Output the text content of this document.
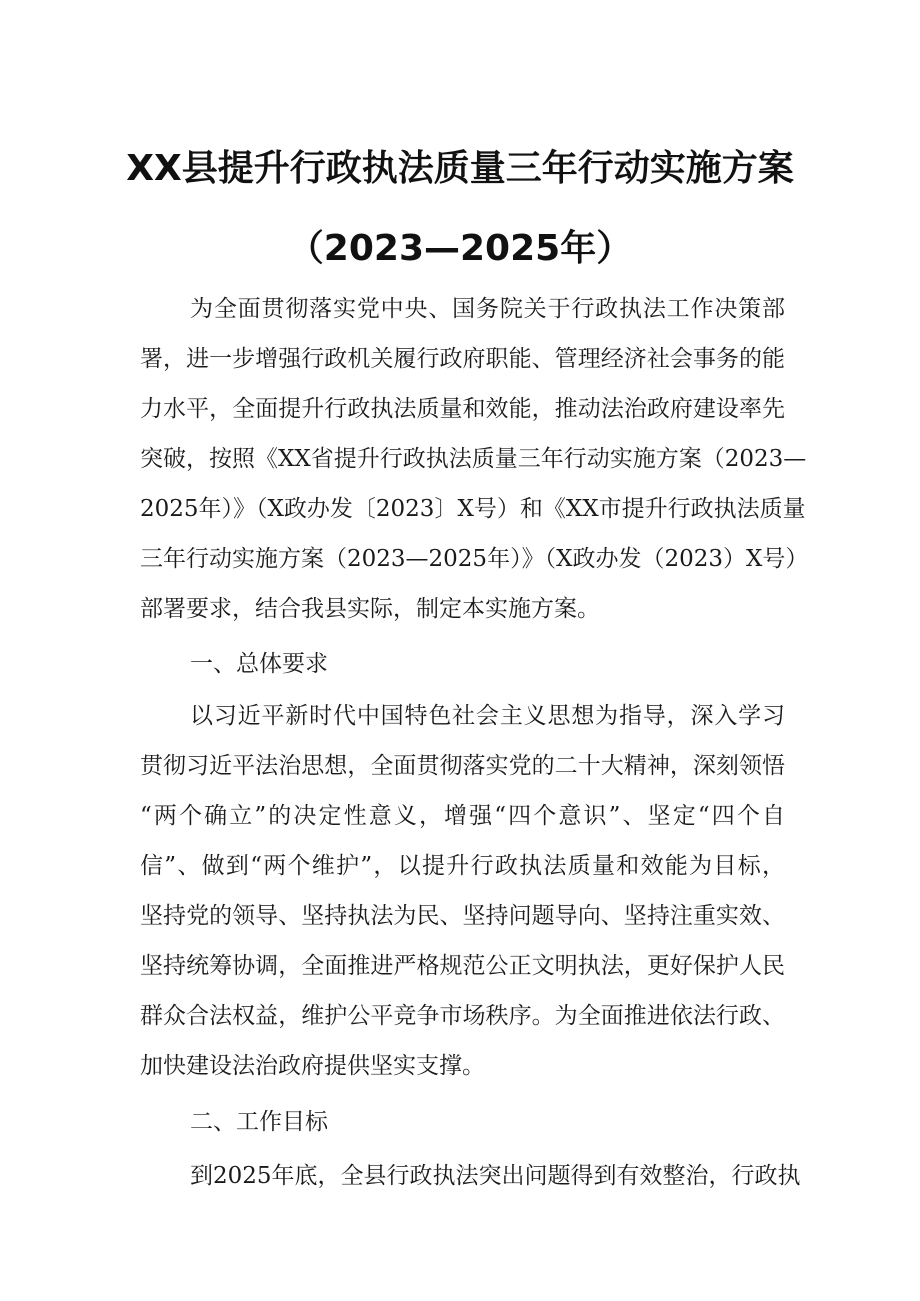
XX县提升行政执法质量三年行动实施方案
（2023—2025年）
为全面贯彻落实党中央、国务院关于行政执法工作决策部
署，进一步增强行政机关履行政府职能、管理经济社会事务的能
力水平，全面提升行政执法质量和效能，推动法治政府建设率先
突破，按照《XX省提升行政执法质量三年行动实施方案（2023—
2025年）》（X政办发〔2023〕X号）和《XX市提升行政执法质量
三年行动实施方案（2023—2025年）》（X政办发（2023）X号）
部署要求，结合我县实际，制定本实施方案。
一、总体要求
以习近平新时代中国特色社会主义思想为指导，深入学习
贯彻习近平法治思想，全面贯彻落实党的二十大精神，深刻领悟
“两个确立”的决定性意义，增强“四个意识”、坚定“四个自
信”、做到“两个维护”，以提升行政执法质量和效能为目标，
坚持党的领导、坚持执法为民、坚持问题导向、坚持注重实效、
坚持统筹协调，全面推进严格规范公正文明执法，更好保护人民
群众合法权益，维护公平竞争市场秩序。为全面推进依法行政、
加快建设法治政府提供坚实支撑。
二、工作目标
到2025年底，全县行政执法突出问题得到有效整治，行政执
